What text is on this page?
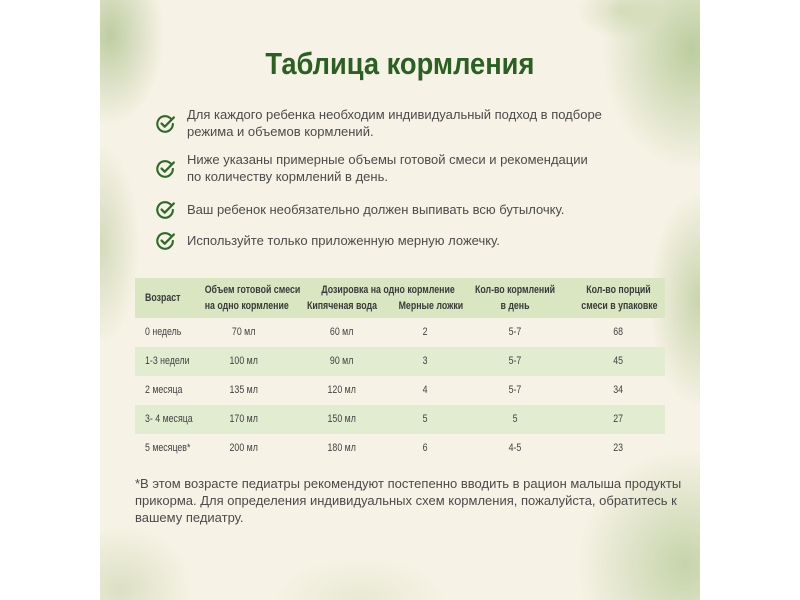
Таблица кормления
Для каждого ребенка необходим индивидуальный подход в подборе
режима и объемов кормлений.
Ниже указаны примерные объемы готовой смеси и рекомендации
по количеству кормлений в день.
Ваш ребенок необязательно должен выпивать всю бутылочку.
Используйте только приложенную мерную ложечку.
Возраст
Объем готовой смеси
на одно кормление
Дозировка на одно кормление
Кипяченая вода	Мерные ложки
Кол-во кормлений
в день
Кол-во порций
смеси в упаковке
0 недель	70 мл	60 мл	2	5-7	68
1-3 недели	100 мл	90 мл	3	5-7	45
2 месяца	135 мл	120 мл	4	5-7	34
3- 4 месяца	170 мл	150 мл	5	5	27
5 месяцев*	200 мл	180 мл	6	4-5	23
*В этом возрасте педиатры рекомендуют постепенно вводить в рацион малыша продукты
прикорма. Для определения индивидуальных схем кормления, пожалуйста, обратитесь к
вашему педиатру.
